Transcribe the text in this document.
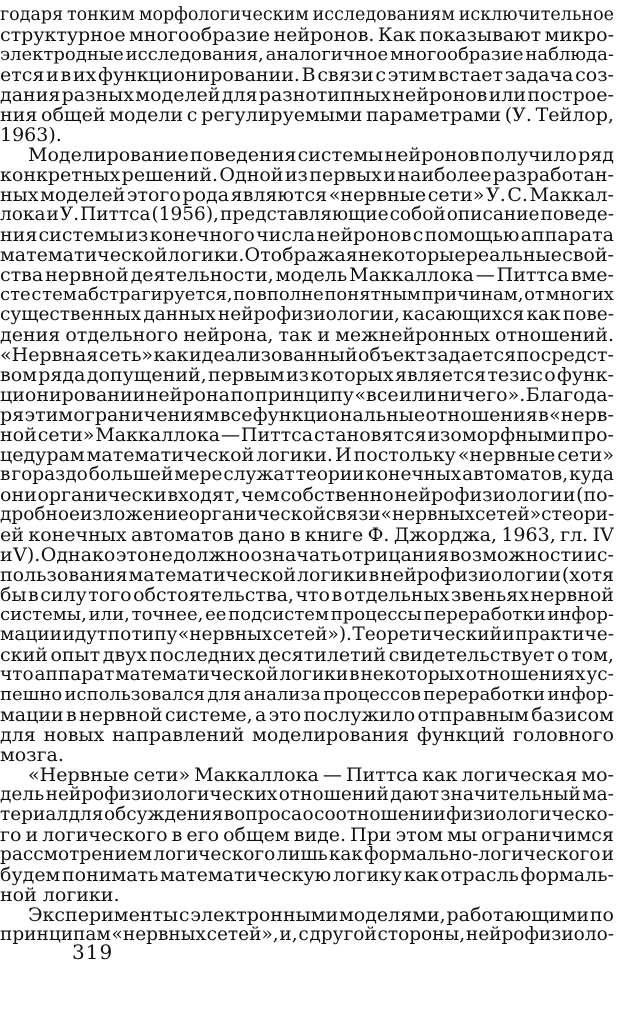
годаря тонким морфологическим исследованиям исключительное
структурное многообразие нейронов. Как показывают микро-
электродные исследования, аналогичное многообразие наблюда-
ется и в их функционировании. В связи с этим встает задача соз-
дания разных моделей для разнотипных нейронов или построе-
ния общей модели с регулируемыми параметрами (У. Тейлор,
1963).
Моделирование поведения системы нейронов получило ряд
конкретных решений. Одной из первых и наиболее разработан-
ных моделей этого рода являются «нервные сети» У. С. Маккал-
лока и У. Питтса (1956), представляющие собой описание поведе-
ния системы из конечного числа нейронов с помощью аппарата
математической логики. Отображая некоторые реальные свой-
ства нервной деятельности, модель Маккаллока — Питтса вме-
сте с тем абстрагируется, по вполне понятным причинам, от многих
существенных данных нейрофизиологии, касающихся как пове-
дения отдельного нейрона, так и межнейронных отношений.
«Нервная сеть» как идеализованный объект задается посредст-
вом ряда допущений, первым из которых является тезис о функ-
ционировании нейрона по принципу «все или ничего». Благода-
ря этим ограничениям все функциональные отношения в «нерв-
ной сети» Маккаллока — Питтса становятся изоморфными про-
цедурам математической логики. И постольку «нервные сети»
в гораздо большей мере служат теории конечных автоматов, куда
они органически входят, чем собственно нейрофизиологии (по-
дробное изложение органической связи «нервных сетей» с теори-
ей конечных автоматов дано в книге Ф. Джорджа, 1963, гл. IV
и V). Однако это не должно означать отрицания возможности ис-
пользования математической логики в нейрофизиологии (хотя
бы в силу того обстоятельства, что в отдельных звеньях нервной
системы, или, точнее, ее подсистем процессы переработки инфор-
мации идут по типу «нервных сетей»). Теоретический и практиче-
ский опыт двух последних десятилетий свидетельствует о том,
что аппарат математической логики в некоторых отношениях ус-
пешно использовался для анализа процессов переработки инфор-
мации в нервной системе, а это послужило отправным базисом
для новых направлений моделирования функций головного
мозга.
«Нервные сети» Маккаллока — Питтса как логическая мо-
дель нейрофизиологических отношений дают значительный ма-
териал для обсуждения вопроса о соотношении физиологическо-
го и логического в его общем виде. При этом мы ограничимся
рассмотрением логического лишь как формально-логического и
будем понимать математическую логику как отрасль формаль-
ной логики.
Эксперименты с электронными моделями, работающими по
принципам «нервных сетей», и, с другой стороны, нейрофизиоло-
319
